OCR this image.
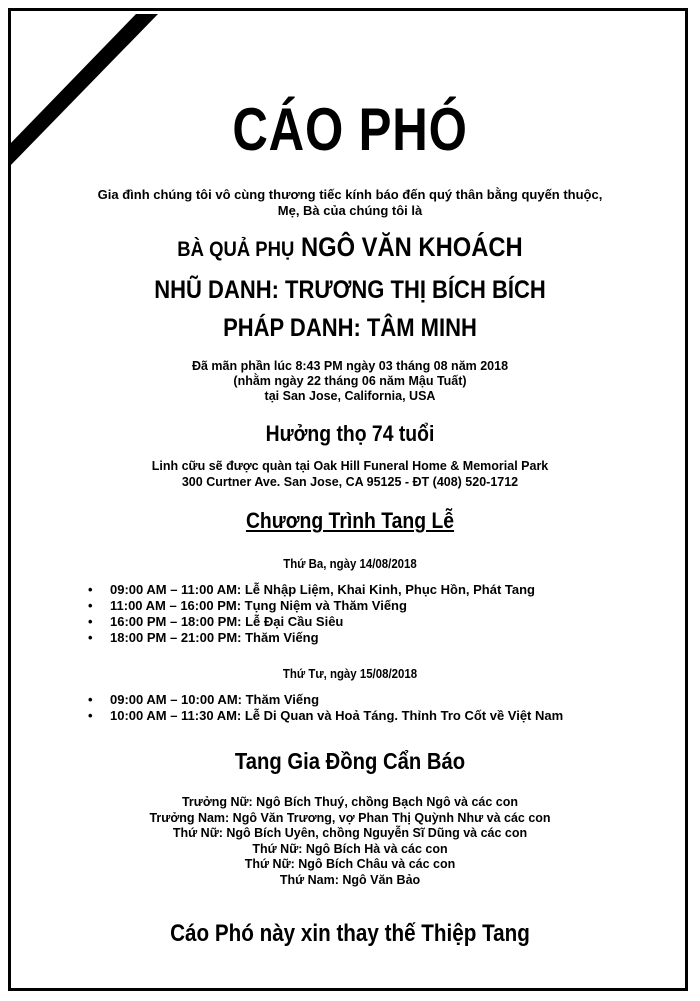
CÁO PHÓ
Gia đình chúng tôi vô cùng thương tiếc kính báo đến quý thân bằng quyến thuộc,
Mẹ, Bà của chúng tôi là
BÀ QUẢ PHỤ NGÔ VĂN KHOÁCH
NHŨ DANH: TRƯƠNG THỊ BÍCH BÍCH
PHÁP DANH: TÂM MINH
Đã mãn phần lúc 8:43 PM ngày 03 tháng 08 năm 2018
(nhằm ngày 22 tháng 06 năm Mậu Tuất)
tại San Jose, California, USA
Hưởng thọ 74 tuổi
Linh cữu sẽ được quàn tại Oak Hill Funeral Home & Memorial Park
300 Curtner Ave. San Jose, CA 95125 - ĐT (408) 520-1712
Chương Trình Tang Lễ
Thứ Ba, ngày 14/08/2018
• 09:00 AM – 11:00 AM: Lễ Nhập Liệm, Khai Kinh, Phục Hồn, Phát Tang
• 11:00 AM – 16:00 PM: Tụng Niệm và Thăm Viếng
• 16:00 PM – 18:00 PM: Lễ Đại Cầu Siêu
• 18:00 PM – 21:00 PM: Thăm Viếng
Thứ Tư, ngày 15/08/2018
• 09:00 AM – 10:00 AM: Thăm Viếng
• 10:00 AM – 11:30 AM: Lễ Di Quan và Hoả Táng. Thỉnh Tro Cốt về Việt Nam
Tang Gia Đồng Cẩn Báo
Trưởng Nữ: Ngô Bích Thuý, chồng Bạch Ngô và các con
Trưởng Nam: Ngô Văn Trương, vợ Phan Thị Quỳnh Như và các con
Thứ Nữ: Ngô Bích Uyên, chồng Nguyễn Sĩ Dũng và các con
Thứ Nữ: Ngô Bích Hà và các con
Thứ Nữ: Ngô Bích Châu và các con
Thứ Nam: Ngô Văn Bảo
Cáo Phó này xin thay thế Thiệp Tang
